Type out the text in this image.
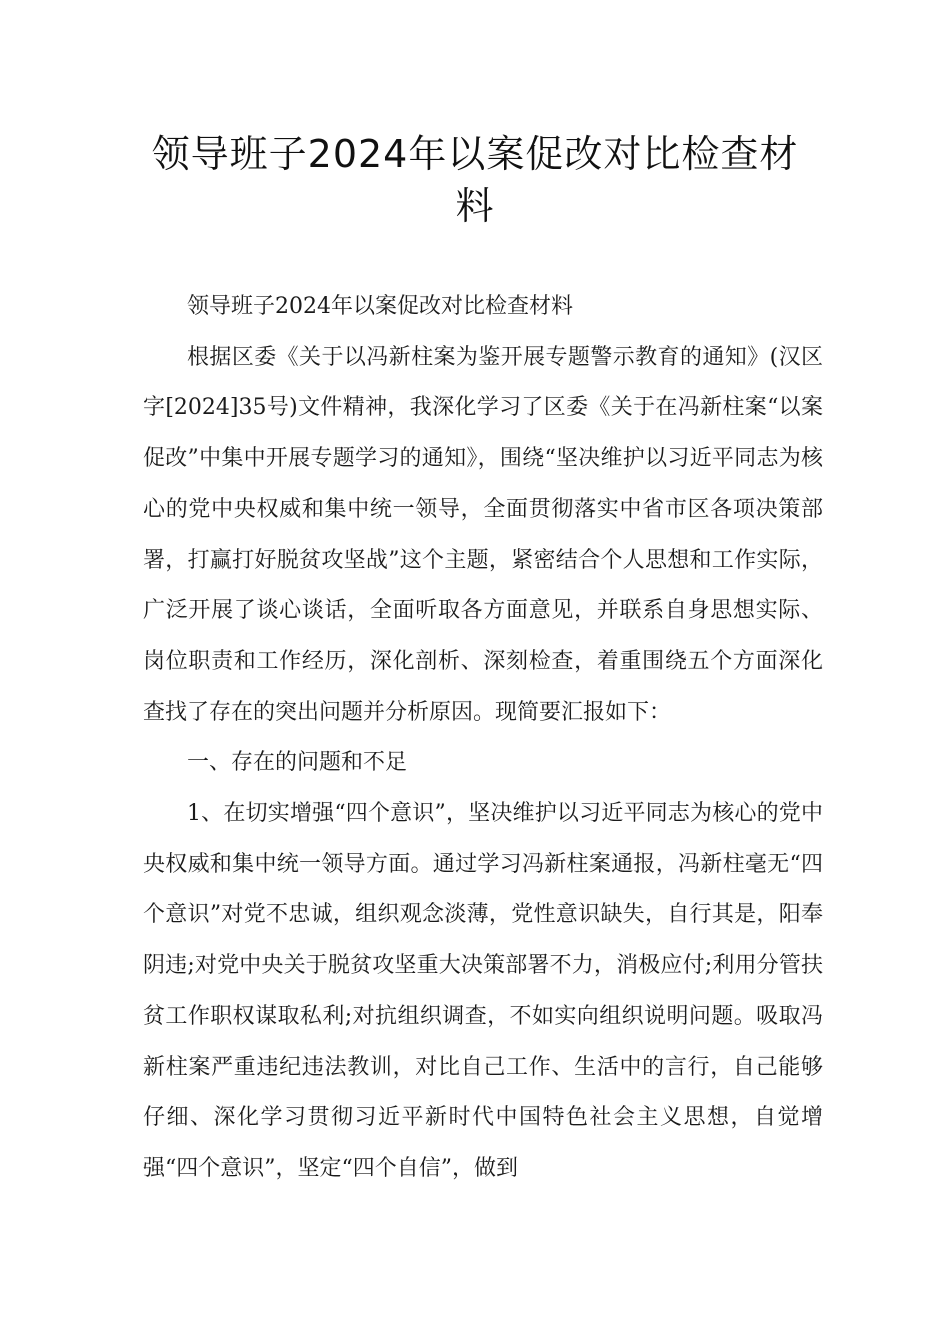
领导班子2024年以案促改对比检查材料

领导班子2024年以案促改对比检查材料

根据区委《关于以冯新柱案为鉴开展专题警示教育的通知》(汉区字[2024]35号)文件精神，我深化学习了区委《关于在冯新柱案“以案促改”中集中开展专题学习的通知》，围绕“坚决维护以习近平同志为核心的党中央权威和集中统一领导，全面贯彻落实中省市区各项决策部署，打赢打好脱贫攻坚战”这个主题，紧密结合个人思想和工作实际，广泛开展了谈心谈话，全面听取各方面意见，并联系自身思想实际、岗位职责和工作经历，深化剖析、深刻检查，着重围绕五个方面深化查找了存在的突出问题并分析原因。现简要汇报如下：

一、存在的问题和不足

1、在切实增强“四个意识”，坚决维护以习近平同志为核心的党中央权威和集中统一领导方面。通过学习冯新柱案通报，冯新柱毫无“四个意识”对党不忠诚，组织观念淡薄，党性意识缺失，自行其是，阳奉阴违;对党中央关于脱贫攻坚重大决策部署不力，消极应付;利用分管扶贫工作职权谋取私利;对抗组织调查，不如实向组织说明问题。吸取冯新柱案严重违纪违法教训，对比自己工作、生活中的言行，自己能够仔细、深化学习贯彻习近平新时代中国特色社会主义思想，自觉增强“四个意识”，坚定“四个自信”，做到
